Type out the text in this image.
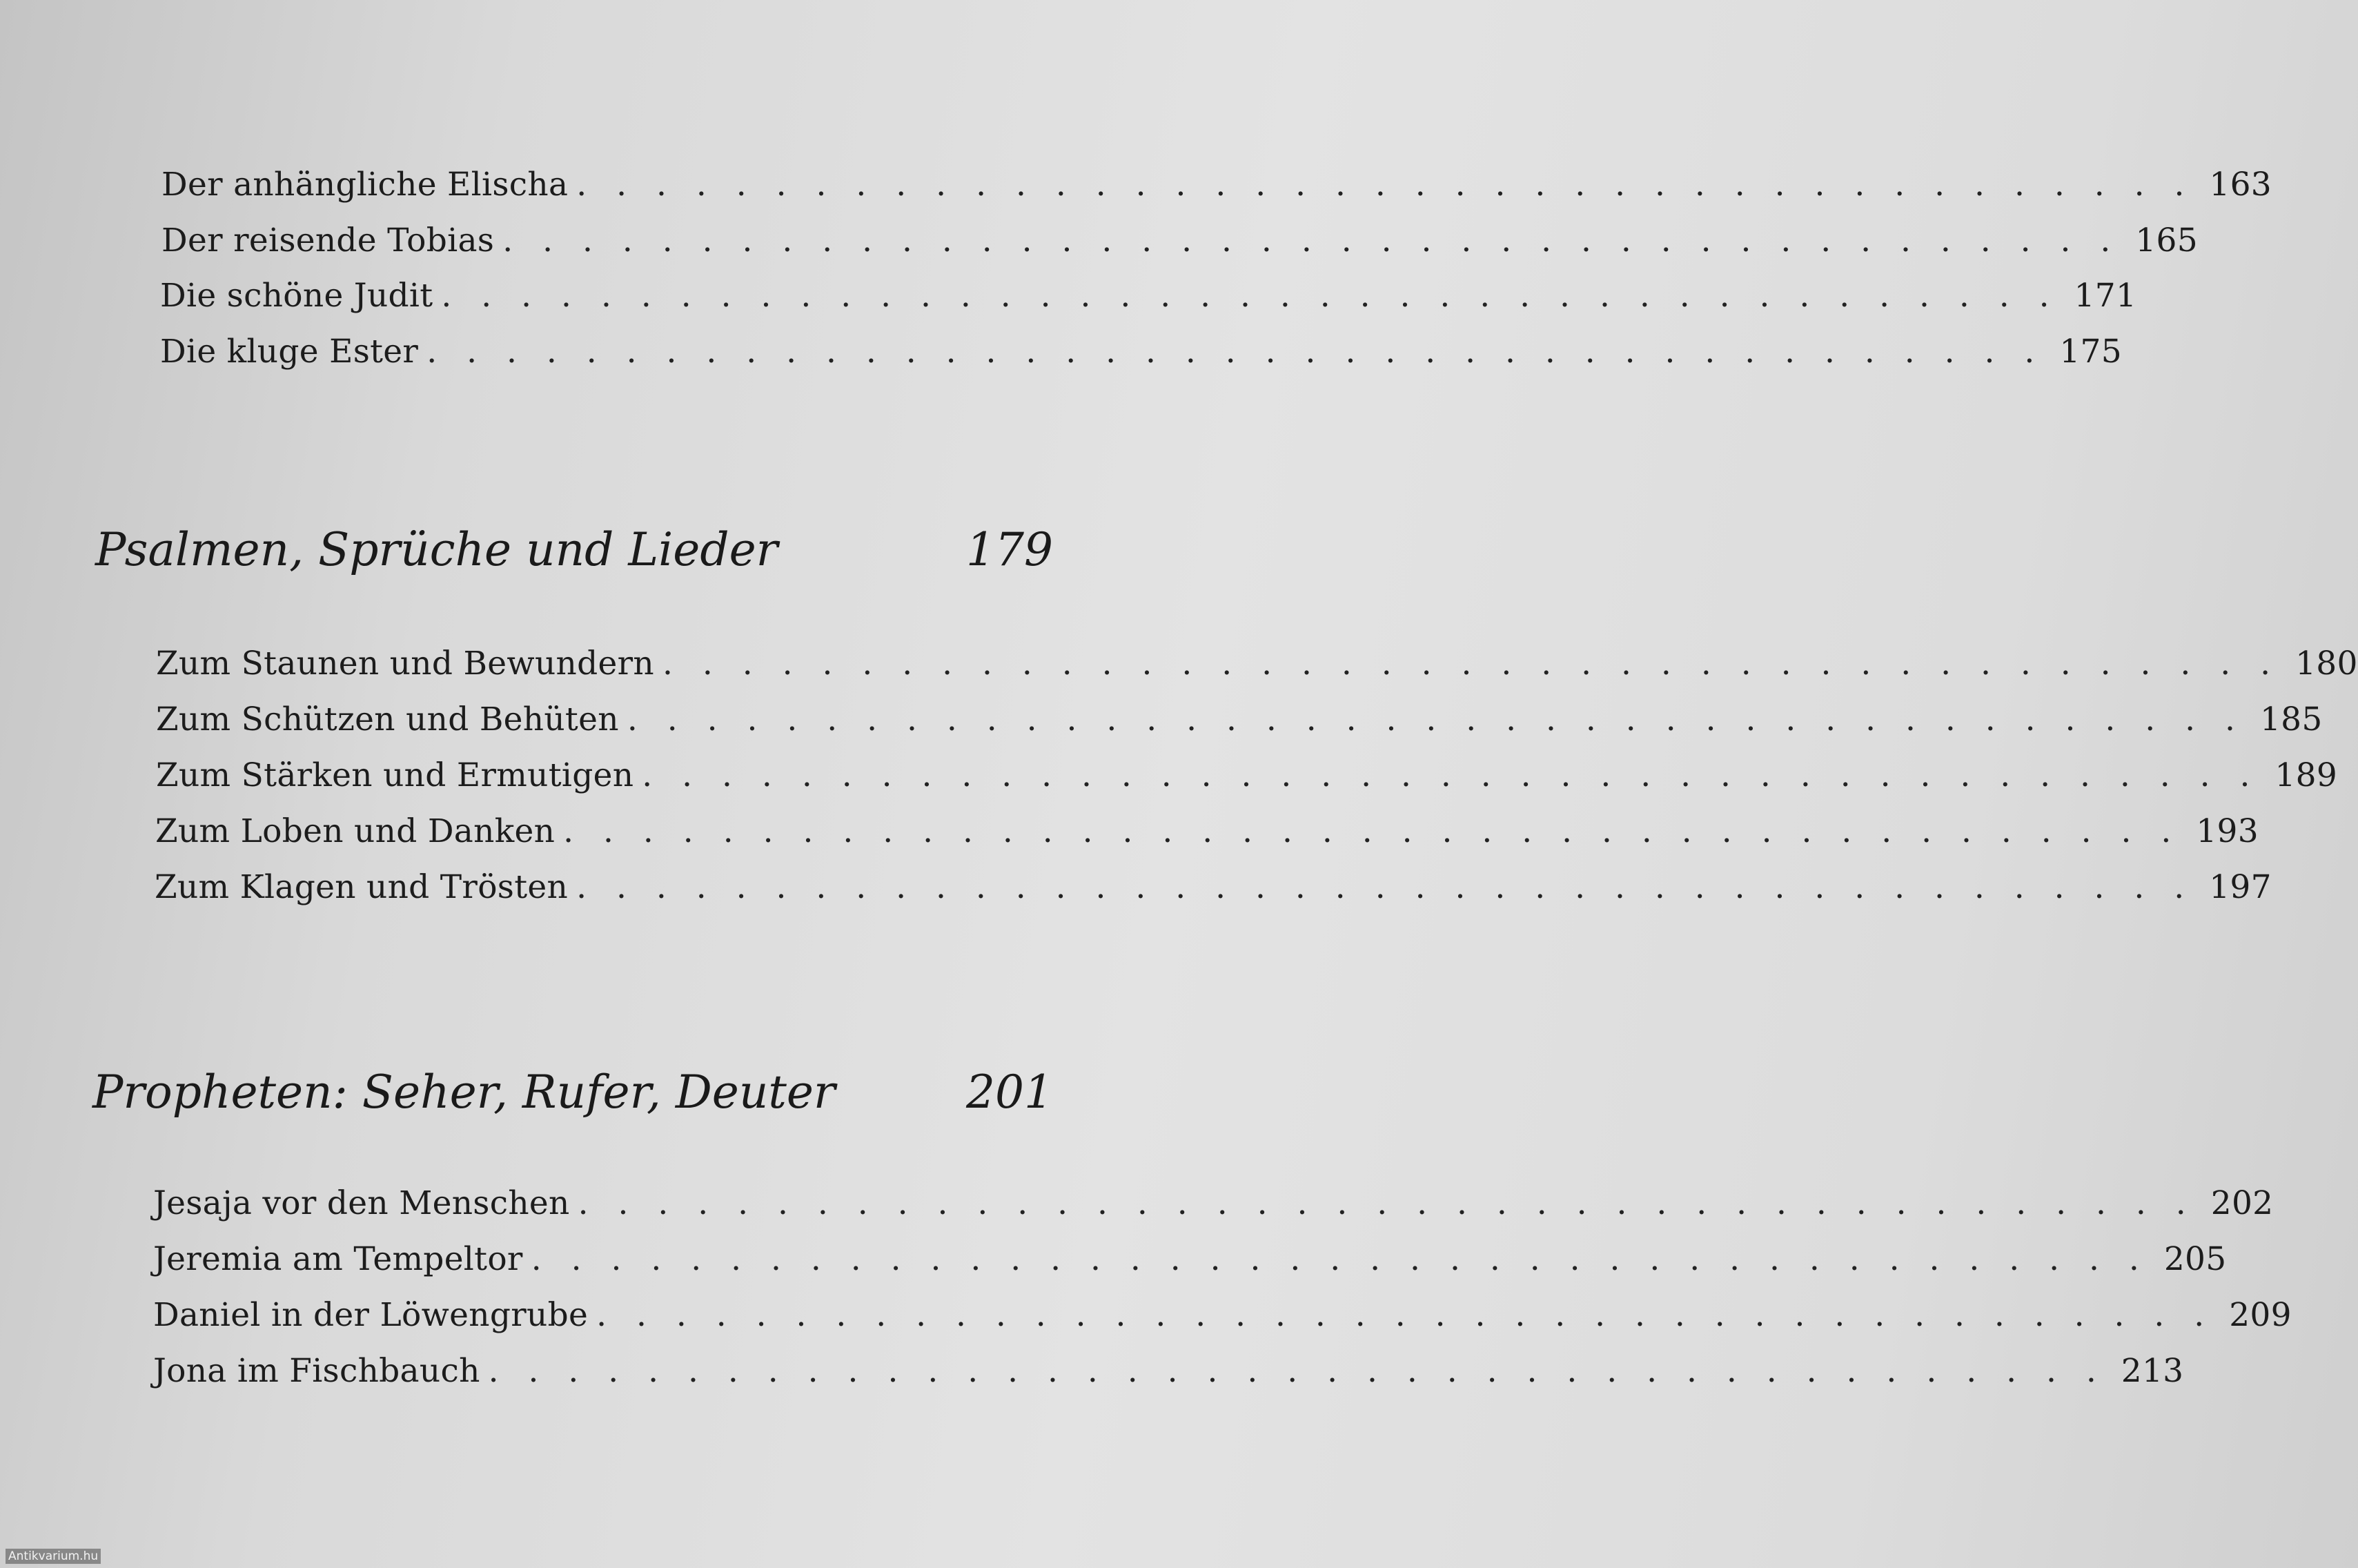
Der anhängliche Elischa . . . . . . . . . . . . . . . . . . . . . . . . . . . . . . . . . . . . . . . . . 163
Der reisende Tobias . . . . . . . . . . . . . . . . . . . . . . . . . . . . . . . . . . . . . . . . . 165
Die schöne Judit . . . . . . . . . . . . . . . . . . . . . . . . . . . . . . . . . . . . . . . . . 171
Die kluge Ester . . . . . . . . . . . . . . . . . . . . . . . . . . . . . . . . . . . . . . . . . 175
Psalmen, Sprüche und Lieder	179
Zum Staunen und Bewundern . . . . . . . . . . . . . . . . . . . . . . . . . . . . . . . . . . . . . . . . . 180
Zum Schützen und Behüten . . . . . . . . . . . . . . . . . . . . . . . . . . . . . . . . . . . . . . . . . 185
Zum Stärken und Ermutigen . . . . . . . . . . . . . . . . . . . . . . . . . . . . . . . . . . . . . . . . . 189
Zum Loben und Danken . . . . . . . . . . . . . . . . . . . . . . . . . . . . . . . . . . . . . . . . . 193
Zum Klagen und Trösten . . . . . . . . . . . . . . . . . . . . . . . . . . . . . . . . . . . . . . . . . 197
Propheten: Seher, Rufer, Deuter	201
Jesaja vor den Menschen . . . . . . . . . . . . . . . . . . . . . . . . . . . . . . . . . . . . . . . . . 202
Jeremia am Tempeltor . . . . . . . . . . . . . . . . . . . . . . . . . . . . . . . . . . . . . . . . . 205
Daniel in der Löwengrube . . . . . . . . . . . . . . . . . . . . . . . . . . . . . . . . . . . . . . . . . 209
Jona im Fischbauch . . . . . . . . . . . . . . . . . . . . . . . . . . . . . . . . . . . . . . . . . 213
Antikvarium.hu
